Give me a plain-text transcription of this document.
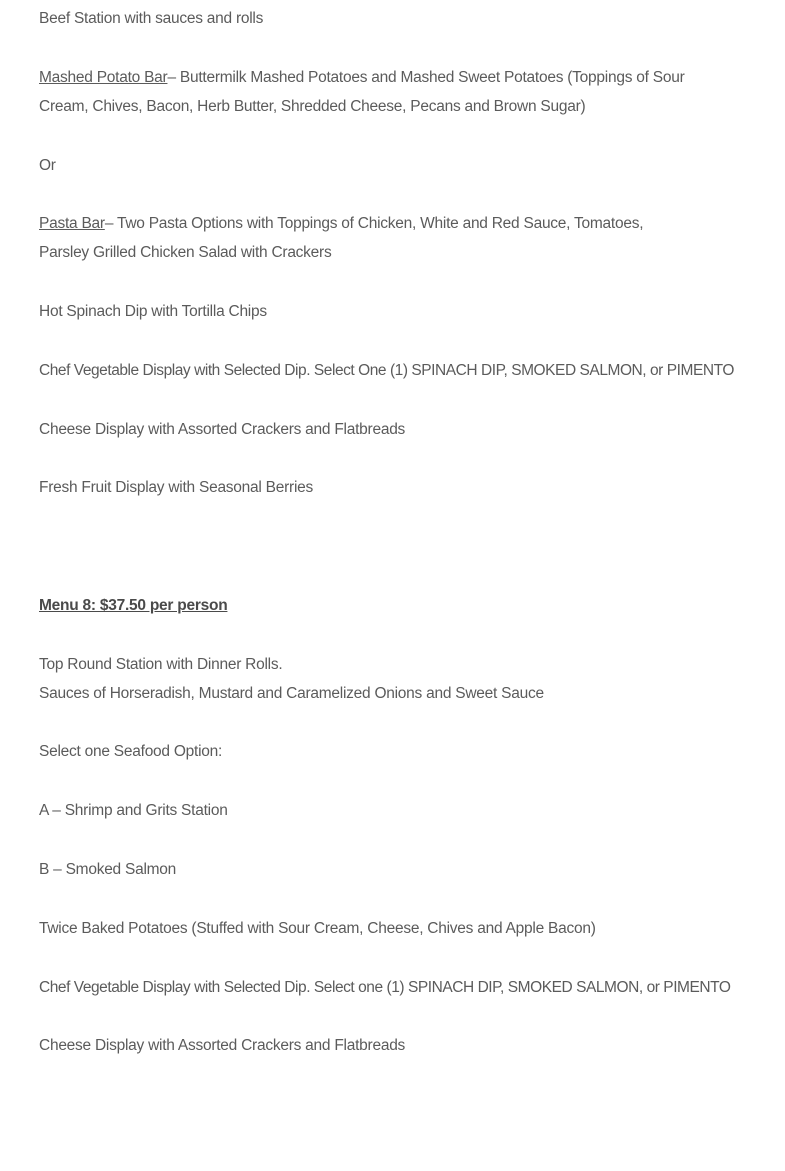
Beef Station with sauces and rolls
Mashed Potato Bar– Buttermilk Mashed Potatoes and Mashed Sweet Potatoes (Toppings of Sour
Cream, Chives, Bacon, Herb Butter, Shredded Cheese, Pecans and Brown Sugar)
Or
Pasta Bar– Two Pasta Options with Toppings of Chicken, White and Red Sauce, Tomatoes,
Parsley Grilled Chicken Salad with Crackers
Hot Spinach Dip with Tortilla Chips
Chef Vegetable Display with Selected Dip. Select One (1) SPINACH DIP, SMOKED SALMON, or PIMENTO
Cheese Display with Assorted Crackers and Flatbreads
Fresh Fruit Display with Seasonal Berries
Menu 8: $37.50 per person
Top Round Station with Dinner Rolls.
Sauces of Horseradish, Mustard and Caramelized Onions and Sweet Sauce
Select one Seafood Option:
A – Shrimp and Grits Station
B – Smoked Salmon
Twice Baked Potatoes (Stuffed with Sour Cream, Cheese, Chives and Apple Bacon)
Chef Vegetable Display with Selected Dip. Select one (1) SPINACH DIP, SMOKED SALMON, or PIMENTO
Cheese Display with Assorted Crackers and Flatbreads
